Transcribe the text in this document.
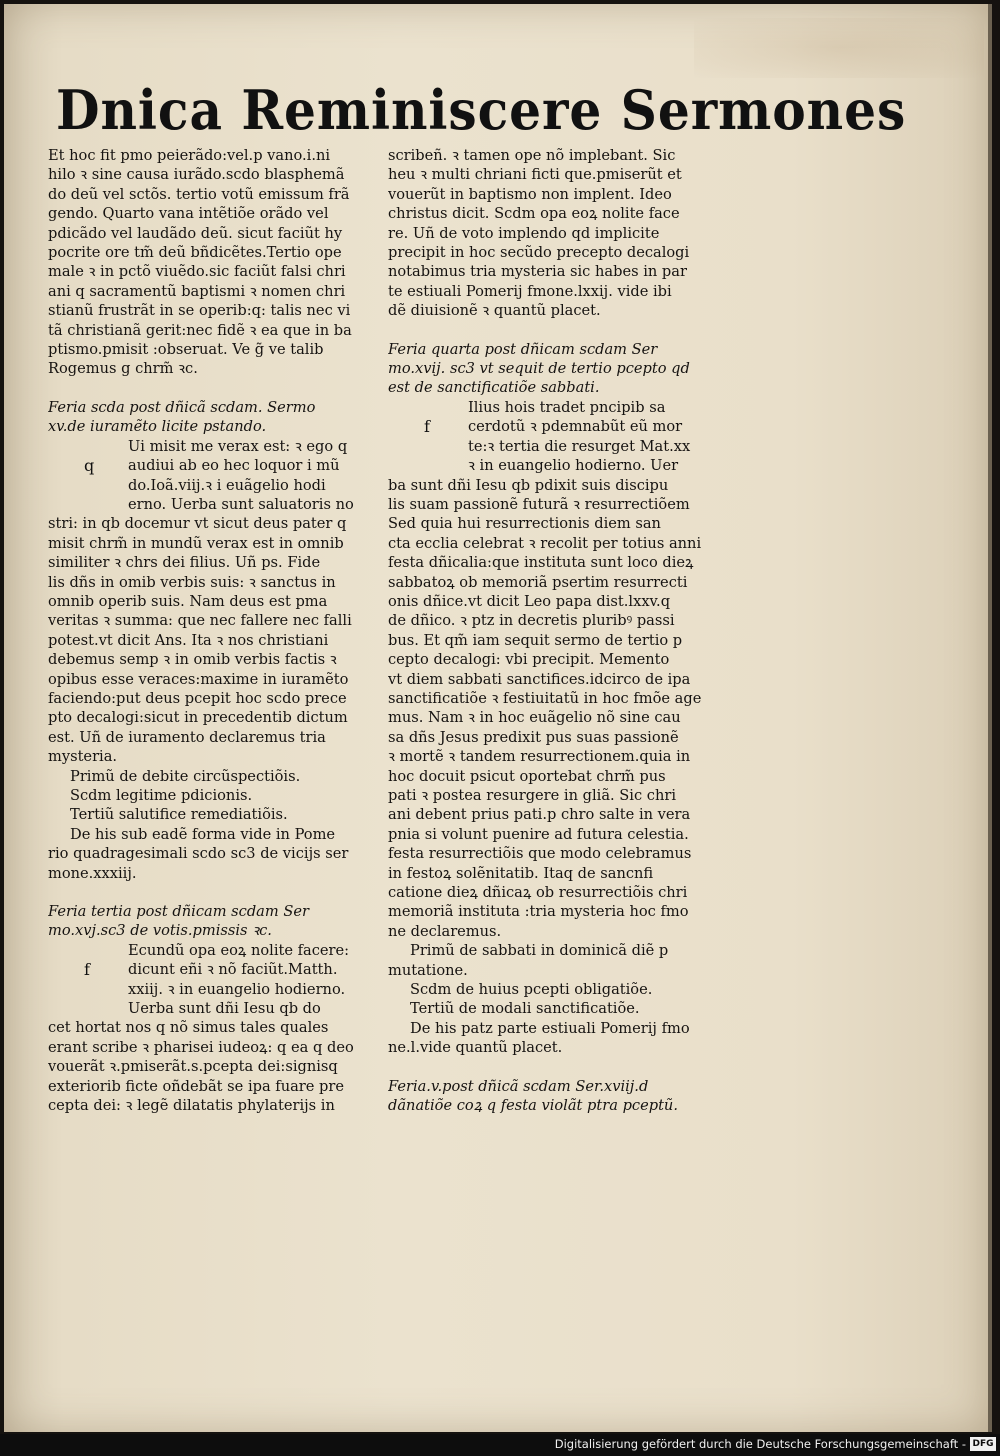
Dnica Reminiscere Sermones
Et hoc fit pmo peierãdo:vel.p vano.i.ni
hilo ꝛ sine causa iurãdo.scdo blasphemã
do deũ vel sctõs. tertio votũ emissum frã
gendo. Quarto vana intẽtiõe orãdo vel
pdicãdo vel laudãdo deũ. sicut faciũt hy
pocrite ore tm̃ deũ bñdicẽtes.Tertio ope
male ꝛ in pctõ viuẽdo.sic faciũt falsi chri
ani q sacramentũ baptismi ꝛ nomen chri
stianũ frustrãt in se operib:q: talis nec vi
tã christianã gerit:nec fidẽ ꝛ ea que in ba
ptismo.pmisit :obseruat. Ve g̃ ve talib
Rogemus g chrm̃ ꝛc.
Feria scda post dñicã scdam. Sermo
xv.de iuramẽto licite pstando.
Ui misit me verax est: ꝛ ego q
audiui ab eo hec loquor i mũ
q
do.Ioã.viij.ꝛ i euãgelio hodi
erno. Uerba sunt saluatoris no
stri: in qb docemur vt sicut deus pater q
misit chrm̃ in mundũ verax est in omnib
similiter ꝛ chrs dei filius. Uñ ps. Fide
lis dñs in omib verbis suis: ꝛ sanctus in
omnib operib suis. Nam deus est pma
veritas ꝛ summa: que nec fallere nec falli
potest.vt dicit Ans. Ita ꝛ nos christiani
debemus semp ꝛ in omib verbis factis ꝛ
opibus esse veraces:maxime in iuramẽto
faciendo:put deus pcepit hoc scdo prece
pto decalogi:sicut in precedentib dictum
est. Uñ de iuramento declaremus tria
mysteria.
Primũ de debite circũspectiõis.
Scdm legitime pdicionis.
Tertiũ salutifice remediatiõis.
De his sub eadẽ forma vide in Pome
rio quadragesimali scdo sc3 de vicijs ser
mone.xxxiij.
Feria tertia post dñicam scdam Ser
mo.xvj.sc3 de votis.pmissis ꝛc.
Ecundũ opa eoꝝ nolite facere:
dicunt eñi ꝛ nõ faciũt.Matth.
f
xxiij. ꝛ in euangelio hodierno.
Uerba sunt dñi Iesu qb do
cet hortat nos q nõ simus tales quales
erant scribe ꝛ pharisei iudeoꝝ: q ea q deo
vouerãt ꝛ.pmiserãt.s.pcepta dei:signisq
exteriorib ficte oñdebãt se ipa fuare pre
cepta dei: ꝛ legẽ dilatatis phylaterijs in
scribeñ. ꝛ tamen ope nõ implebant. Sic
heu ꝛ multi chriani ficti que.pmiserũt et
vouerũt in baptismo non implent. Ideo
christus dicit. Scdm opa eoꝝ nolite face
re. Uñ de voto implendo qd implicite
precipit in hoc secũdo precepto decalogi
notabimus tria mysteria sic habes in par
te estiuali Pomerij fmone.lxxij. vide ibi
dẽ diuisionẽ ꝛ quantũ placet.
Feria quarta post dñicam scdam Ser
mo.xvij. sc3 vt sequit de tertio pcepto qd
est de sanctificatiõe sabbati.
Ilius hois tradet pncipib sa
cerdotũ ꝛ pdemnabũt eũ mor
f
te:ꝛ tertia die resurget Mat.xx
ꝛ in euangelio hodierno. Uer
ba sunt dñi Iesu qb pdixit suis discipu
lis suam passionẽ futurã ꝛ resurrectiõem
Sed quia hui resurrectionis diem san
cta ecclia celebrat ꝛ recolit per totius anni
festa dñicalia:que instituta sunt loco dieꝝ
sabbatoꝝ ob memoriã psertim resurrecti
onis dñice.vt dicit Leo papa dist.lxxv.q
de dñico. ꝛ ptz in decretis pluribꝰ passi
bus. Et qm̃ iam sequit sermo de tertio p
cepto decalogi: vbi precipit. Memento
vt diem sabbati sanctifices.idcirco de ipa
sanctificatiõe ꝛ festiuitatũ in hoc fmõe age
mus. Nam ꝛ in hoc euãgelio nõ sine cau
sa dñs Jesus predixit pus suas passionẽ
ꝛ mortẽ ꝛ tandem resurrectionem.quia in
hoc docuit psicut oportebat chrm̃ pus
pati ꝛ postea resurgere in gliã. Sic chri
ani debent prius pati.p chro salte in vera
pnia si volunt puenire ad futura celestia.
festa resurrectiõis que modo celebramus
in festoꝝ solẽnitatib. Itaq de sancnfi
catione dieꝝ dñicaꝝ ob resurrectiõis chri
memoriã instituta :tria mysteria hoc fmo
ne declaremus.
Primũ de sabbati in dominicã diẽ p
mutatione.
Scdm de huius pcepti obligatiõe.
Tertiũ de modali sanctificatiõe.
De his patz parte estiuali Pomerij fmo
ne.l.vide quantũ placet.
Feria.v.post dñicã scdam Ser.xviij.d
dãnatiõe coꝝ q festa violãt ptra pceptũ.
Digitalisierung gefördert durch die Deutsche Forschungsgemeinschaft - DFG
